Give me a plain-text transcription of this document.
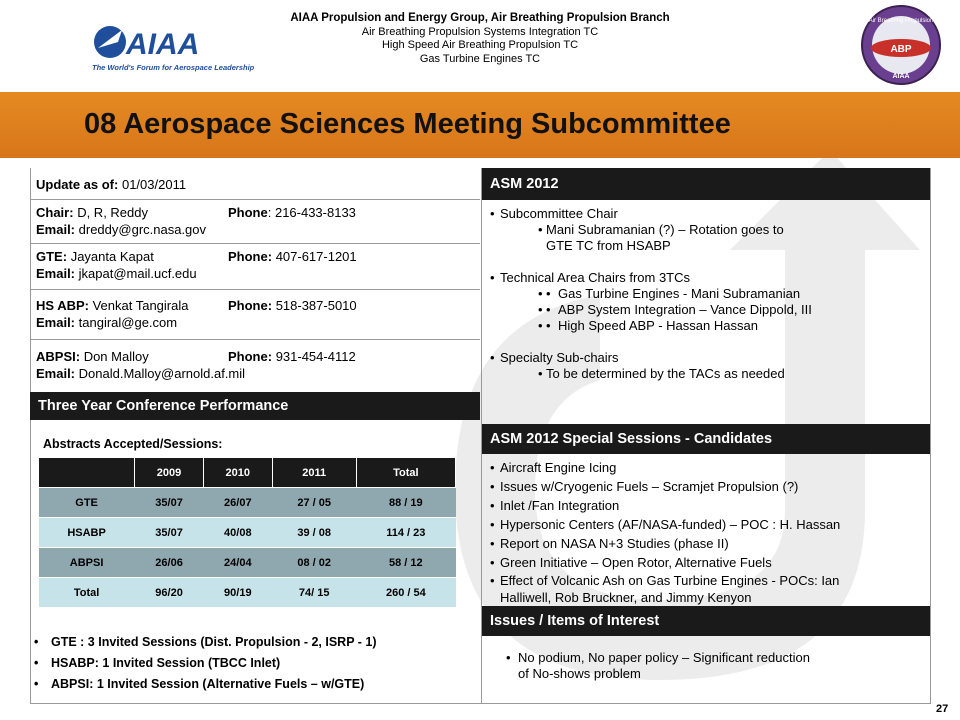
AIAA
The World's Forum for Aerospace Leadership
AIAA Propulsion and Energy Group, Air Breathing Propulsion Branch
Air Breathing Propulsion Systems Integration TC
High Speed Air Breathing Propulsion TC
Gas Turbine Engines TC
ABP
Air Breathing Propulsion
AIAA
08 Aerospace Sciences Meeting Subcommittee
Update as of: 01/03/2011
Chair: D, R, Reddy	Phone: 216-433-8133
Email: dreddy@grc.nasa.gov
GTE: Jayanta Kapat	Phone: 407-617-1201
Email: jkapat@mail.ucf.edu
HS ABP: Venkat Tangirala	Phone: 518-387-5010
Email: tangiral@ge.com
ABPSI: Don Malloy	Phone: 931-454-4112
Email: Donald.Malloy@arnold.af.mil
Three Year Conference Performance
Abstracts Accepted/Sessions:
	2009	2010	2011	Total
GTE	35/07	26/07	27 / 05	88 / 19
HSABP	35/07	40/08	39 / 08	114 / 23
ABPSI	26/06	24/04	08 / 02	58 / 12
Total	96/20	90/19	74/ 15	260 / 54
• GTE : 3 Invited Sessions (Dist. Propulsion - 2, ISRP - 1)
• HSABP: 1 Invited Session (TBCC Inlet)
• ABPSI: 1 Invited Session (Alternative Fuels – w/GTE)
ASM 2012
• Subcommittee Chair
• Mani Subramanian (?) – Rotation goes to
GTE TC from HSABP
• Technical Area Chairs from 3TCs
• • Gas Turbine Engines - Mani Subramanian
• • ABP System Integration – Vance Dippold, III
• • High Speed ABP - Hassan Hassan
• Specialty Sub-chairs
• To be determined by the TACs as needed
ASM 2012 Special Sessions - Candidates
• Aircraft Engine Icing
• Issues w/Cryogenic Fuels – Scramjet Propulsion (?)
• Inlet /Fan Integration
• Hypersonic Centers (AF/NASA-funded) – POC : H. Hassan
• Report on NASA N+3 Studies (phase II)
• Green Initiative – Open Rotor, Alternative Fuels
• Effect of Volcanic Ash on Gas Turbine Engines - POCs: Ian
Halliwell, Rob Bruckner, and Jimmy Kenyon
Issues / Items of Interest
• No podium, No paper policy – Significant reduction
of No-shows problem
27
